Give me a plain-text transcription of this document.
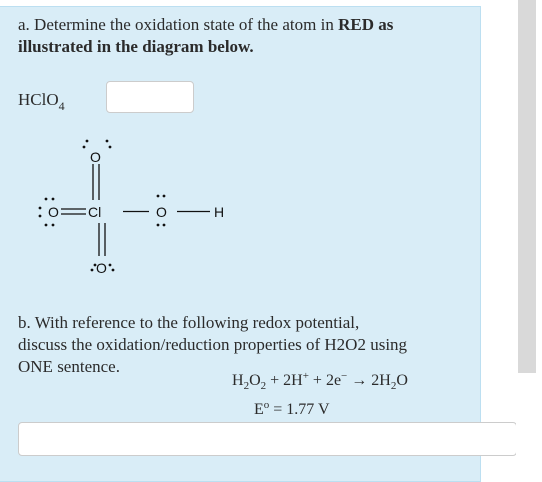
a. Determine the oxidation state of the atom in RED as
illustrated in the diagram below.
HClO$_4$
O
O Cl	O	H
O
b. With reference to the following redox potential,
discuss the oxidation/reduction properties of H2O2 using
ONE sentence.
$H_2O_2 + 2H^+ + 2e^- \to 2H_2O$
$E^o = 1.77$ V
